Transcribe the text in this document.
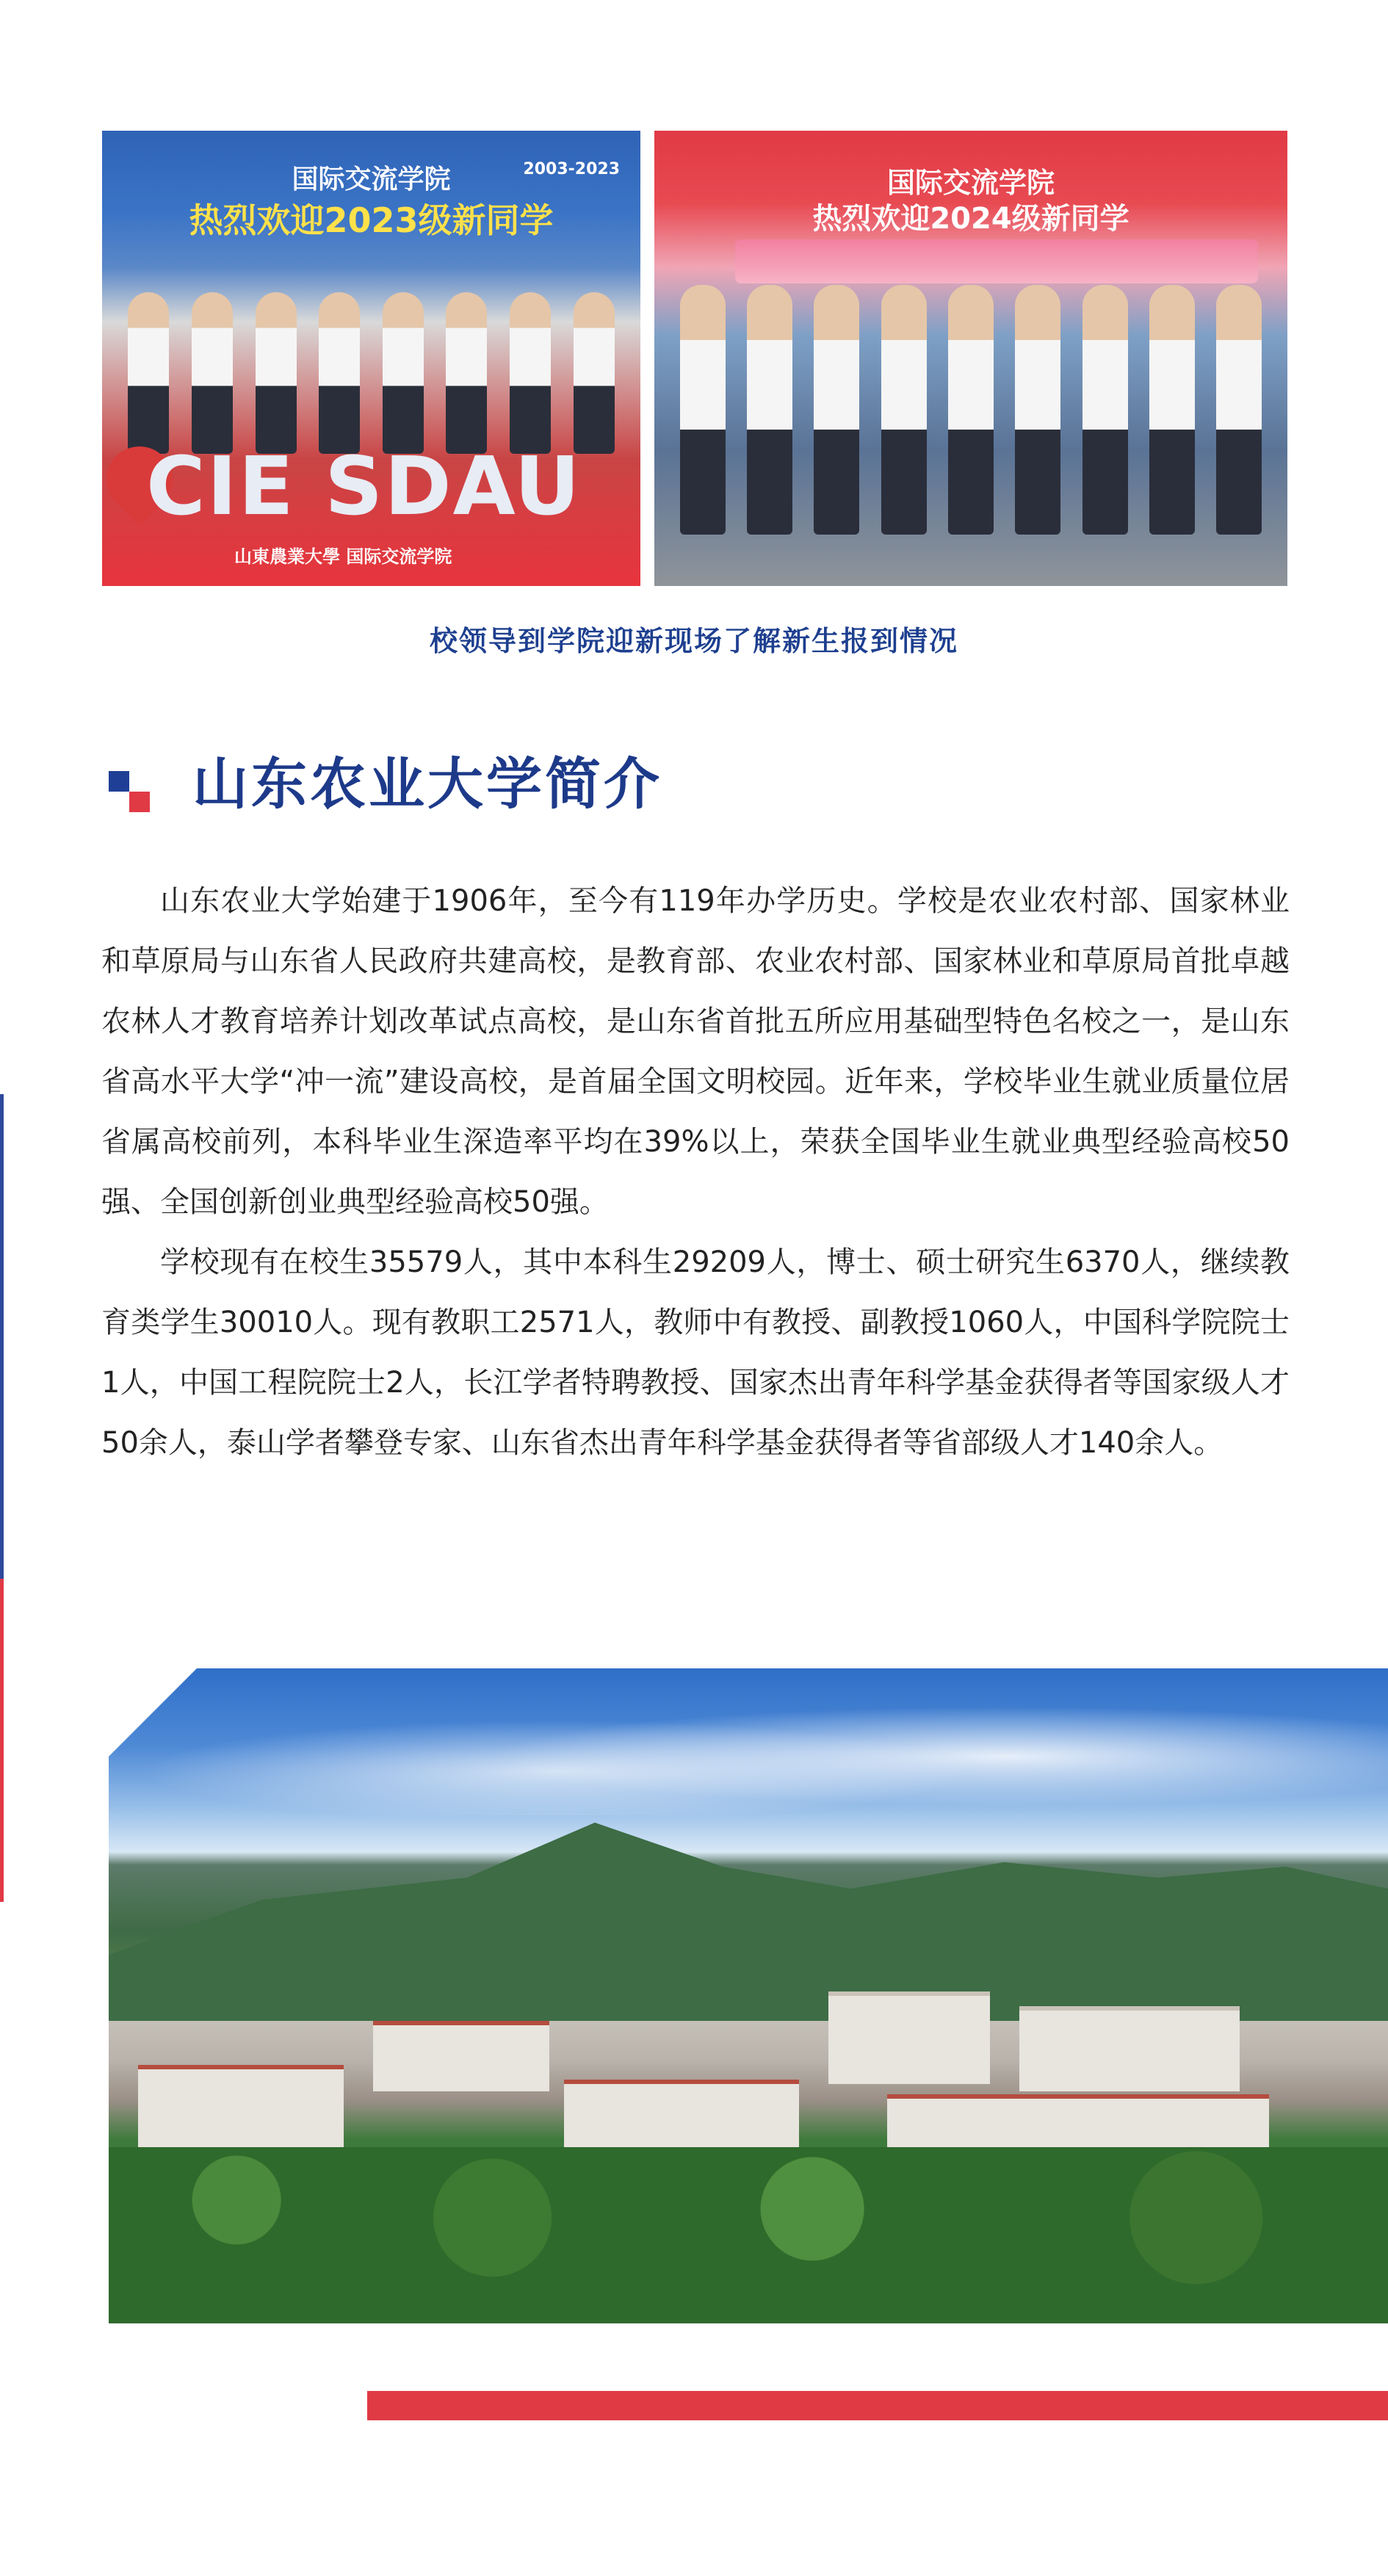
国际交流学院
热烈欢迎2023级新同学
2003-2023
CIE SDAU
山東農業大學 国际交流学院
国际交流学院
热烈欢迎2024级新同学
校领导到学院迎新现场了解新生报到情况
山东农业大学简介

山东农业大学始建于1906年，至今有119年办学历史。学校是农业农村部、国家林业和草原局与山东省人民政府共建高校，是教育部、农业农村部、国家林业和草原局首批卓越农林人才教育培养计划改革试点高校，是山东省首批五所应用基础型特色名校之一，是山东省高水平大学“冲一流”建设高校，是首届全国文明校园。近年来，学校毕业生就业质量位居省属高校前列，本科毕业生深造率平均在39%以上，荣获全国毕业生就业典型经验高校50强、全国创新创业典型经验高校50强。

学校现有在校生35579人，其中本科生29209人，博士、硕士研究生6370人，继续教育类学生30010人。现有教职工2571人，教师中有教授、副教授1060人，中国科学院院士1人，中国工程院院士2人，长江学者特聘教授、国家杰出青年科学基金获得者等国家级人才50余人，泰山学者攀登专家、山东省杰出青年科学基金获得者等省部级人才140余人。
